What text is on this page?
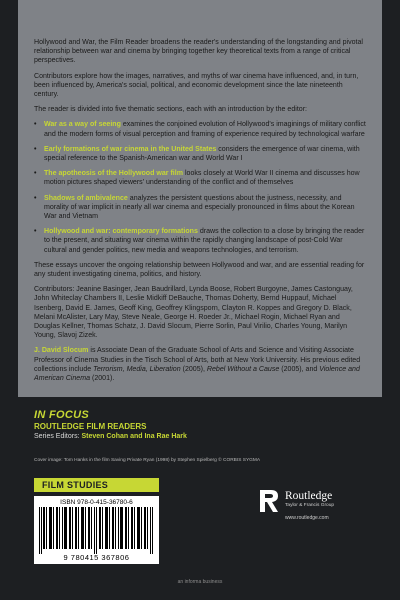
Hollywood and War, the Film Reader broadens the reader's understanding of the longstanding and pivotal relationship between war and cinema by bringing together key theoretical texts from a range of critical perspectives.

Contributors explore how the images, narratives, and myths of war cinema have influenced, and, in turn, been influenced by, America's social, political, and economic development since the late nineteenth century.

The reader is divided into five thematic sections, each with an introduction by the editor:

• War as a way of seeing examines the conjoined evolution of Hollywood's imaginings of military conflict and the modern forms of visual perception and framing of experience required by technological warfare
• Early formations of war cinema in the United States considers the emergence of war cinema, with special reference to the Spanish-American war and World War I
• The apotheosis of the Hollywood war film looks closely at World War II cinema and discusses how motion pictures shaped viewers' understanding of the conflict and of themselves
• Shadows of ambivalence analyzes the persistent questions about the justness, necessity, and morality of war implicit in nearly all war cinema and especially pronounced in films about the Korean War and Vietnam
• Hollywood and war: contemporary formations draws the collection to a close by bringing the reader to the present, and situating war cinema within the rapidly changing landscape of post-Cold War cultural and gender politics, new media and weapons technologies, and terrorism.

These essays uncover the ongoing relationship between Hollywood and war, and are essential reading for any student investigating cinema, politics, and history.

Contributors: Jeanine Basinger, Jean Baudrillard, Lynda Boose, Robert Burgoyne, James Castonguay, John Whiteclay Chambers II, Leslie Midkiff DeBauche, Thomas Doherty, Bernd Huppauf, Michael Isenberg, David E. James, Geoff King, Geoffrey Klingsporn, Clayton R. Koppes and Gregory D. Black, Melani McAlister, Lary May, Steve Neale, George H. Roeder Jr., Michael Rogin, Michael Ryan and Douglas Kellner, Thomas Schatz, J. David Slocum, Pierre Sorlin, Paul Virilio, Charles Young, Marilyn Young, Slavoj Zizek.

J. David Slocum is Associate Dean of the Graduate School of Arts and Science and Visiting Associate Professor of Cinema Studies in the Tisch School of Arts, both at New York University. His previous edited collections include Terrorism, Media, Liberation (2005), Rebel Without a Cause (2005), and Violence and American Cinema (2001).

IN FOCUS
ROUTLEDGE FILM READERS
Series Editors: Steven Cohan and Ina Rae Hark
Cover image: Tom Hanks in the film Saving Private Ryan (1998) by Stephen Spielberg © CORBIS SYGMA
FILM STUDIES
ISBN 978-0-415-36780-6
9 780415 367806
Routledge
Taylor & Francis Group
www.routledge.com
an informa business
